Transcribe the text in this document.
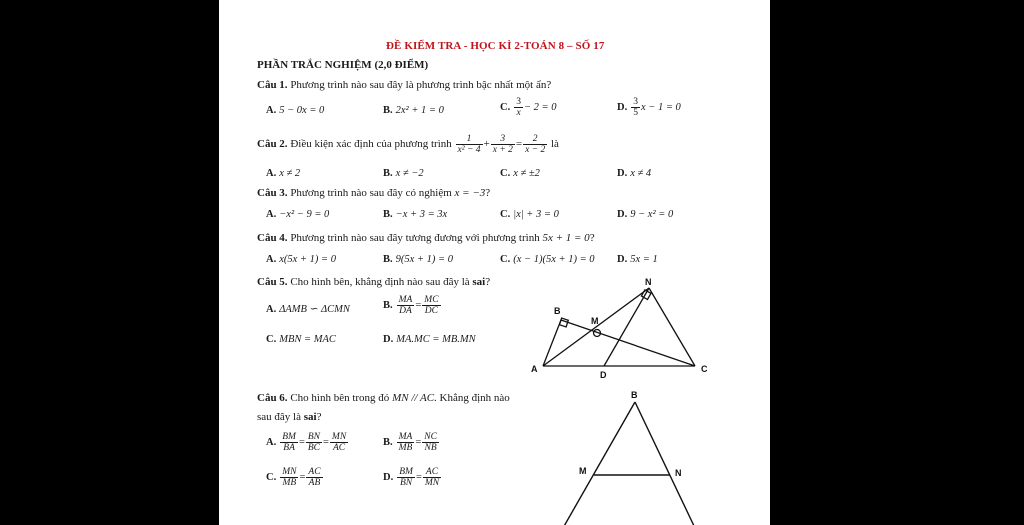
ĐỀ KIỂM TRA - HỌC KÌ 2-TOÁN 8 – SỐ 17
PHẦN TRẮC NGHIỆM (2,0 ĐIỂM)
Câu 1. Phương trình nào sau đây là phương trình bậc nhất một ẩn?
A. 5 − 0x = 0	B. 2x² + 1 = 0	C. $\frac{3}{x} - 2 = 0$	D. $\frac{3}{5}$ x − 1 = 0
Câu 2. Điều kiện xác định của phương trình $\frac{1}{\text{x² − 4}} + \frac{3}{x + 2} = \frac{2}{x - 2}$ là
A. x ≠ 2	B. x ≠ −2	C. x ≠ ±2	D. x ≠ 4
Câu 3. Phương trình nào sau đây có nghiệm x = −3?
A. −x² − 9 = 0	B. −x + 3 = 3x	C. |x| + 3 = 0	D. 9 − x² = 0
Câu 4. Phương trình nào sau đây tương đương với phương trình 5x + 1 = 0?
A. x(5x + 1) = 0	B. 9(5x + 1) = 0	C. (x − 1)(5x + 1) = 0 D. 5x = 1
Câu 5. Cho hình bên, khẳng định nào sau đây là sai?
A. ΔAMB ∽ ΔCMN	B. $\frac{MA}{DA} = \frac{MC}{DC}$
C. MBN = MAC	D. MA.MC = MB.MN
N
B
M
A
D
C
Câu 6. Cho hình bên trong đó MN // AC. Khẳng định nào
sau đây là sai?
A. $\frac{BM}{BA} = \frac{BN}{BC} = \frac{MN}{AC}$	B. $\frac{MA}{MB} = \frac{NC}{NB}$
C. $\frac{MN}{MB} = \frac{AC}{AB}$	D. $\frac{BM}{BN} = \frac{AC}{MN}$
B
M	N
